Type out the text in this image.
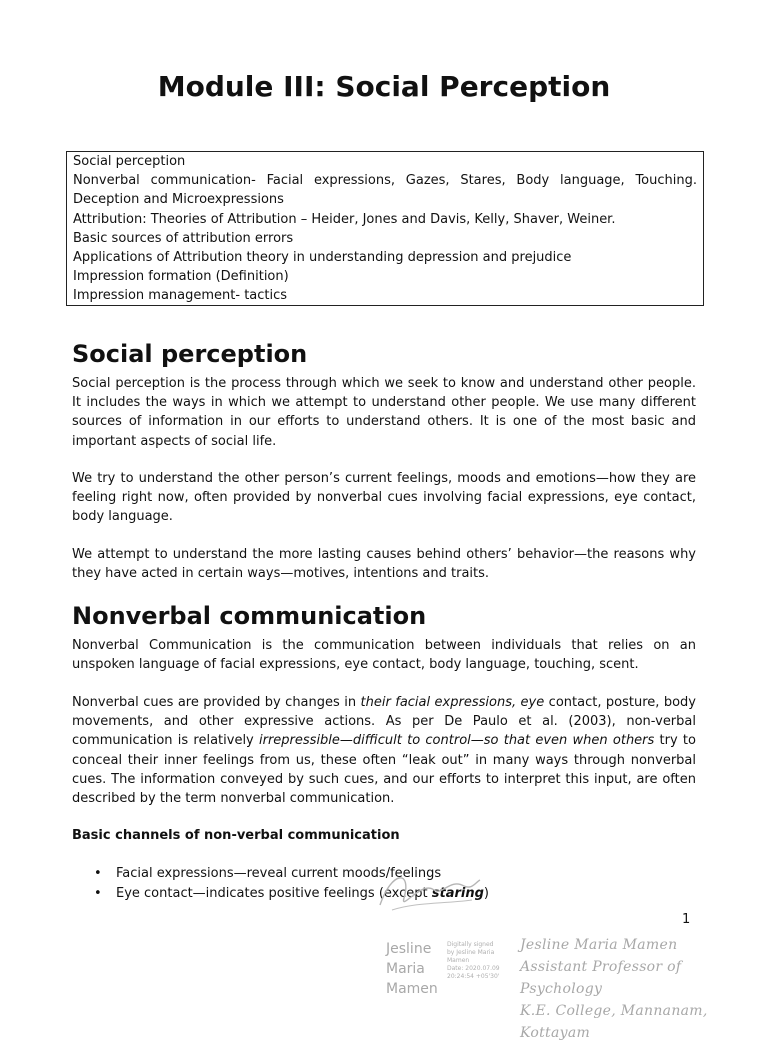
Module III: Social Perception
Social perception
Nonverbal communication- Facial expressions, Gazes, Stares, Body language, Touching. Deception and Microexpressions
Attribution: Theories of Attribution – Heider, Jones and Davis, Kelly, Shaver, Weiner.
Basic sources of attribution errors
Applications of Attribution theory in understanding depression and prejudice
Impression formation (Definition)
Impression management- tactics
Social perception

Social perception is the process through which we seek to know and understand other people. It includes the ways in which we attempt to understand other people. We use many different sources of information in our efforts to understand others. It is one of the most basic and important aspects of social life.

We try to understand the other person’s current feelings, moods and emotions—how they are feeling right now, often provided by nonverbal cues involving facial expressions, eye contact, body language.

We attempt to understand the more lasting causes behind others’ behavior—the reasons why they have acted in certain ways—motives, intentions and traits.

Nonverbal communication

Nonverbal Communication is the communication between individuals that relies on an unspoken language of facial expressions, eye contact, body language, touching, scent.

Nonverbal cues are provided by changes in their facial expressions, eye contact, posture, body movements, and other expressive actions. As per De Paulo et al. (2003), non-verbal communication is relatively irrepressible—difficult to control—so that even when others try to conceal their inner feelings from us, these often “leak out” in many ways through nonverbal cues. The information conveyed by such cues, and our efforts to interpret this input, are often described by the term nonverbal communication.

Basic channels of non-verbal communication

• Facial expressions—reveal current moods/feelings
• Eye contact—indicates positive feelings (except staring)
1
Jesline
Maria
Mamen
Digitally signed
by Jesline Maria
Mamen
Date: 2020.07.09
20:24:54 +05'30'
Jesline Maria Mamen
Assistant Professor of Psychology
K.E. College, Mannanam, Kottayam
